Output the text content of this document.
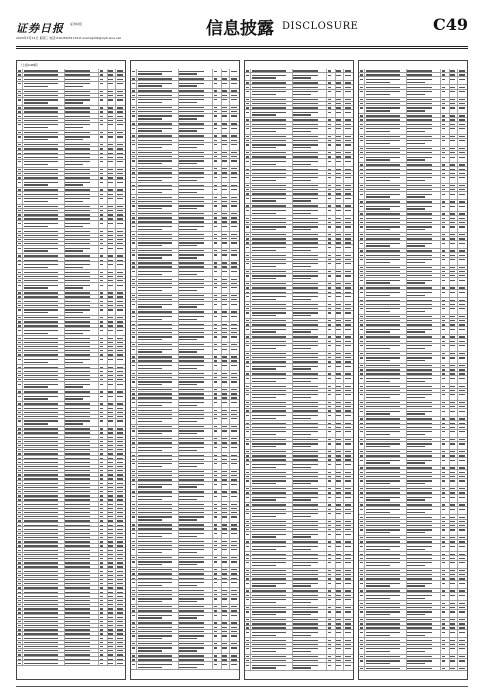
证券日报 证券时报
2020年3月11日 星期三 电话:010-83251716 E-mail:zqrb9@zqrb.sina.net	信息披露 DISCLOSURE	C49
（上接C48版）
